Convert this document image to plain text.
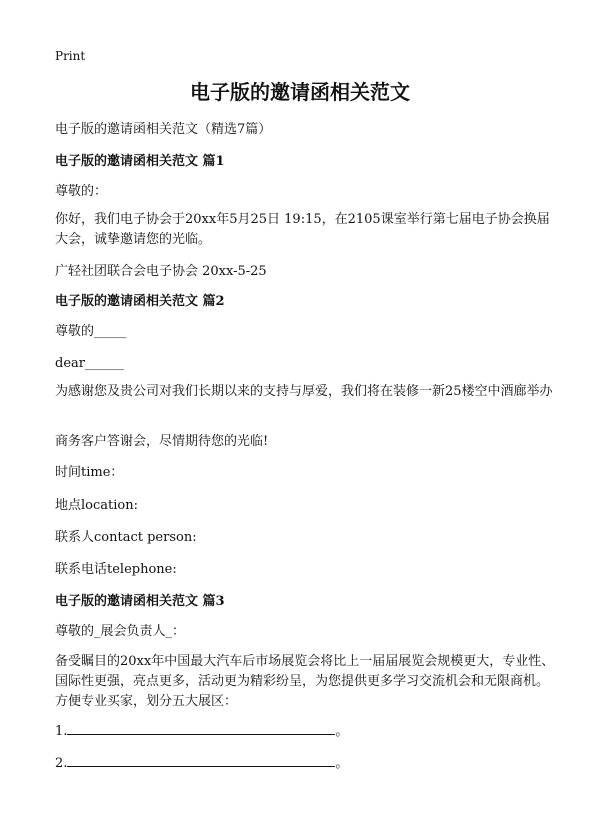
Print
电子版的邀请函相关范文
电子版的邀请函相关范文（精选7篇）
电子版的邀请函相关范文 篇1
尊敬的：
你好，我们电子协会于20xx年5月25日 19:15，在2105课室举行第七届电子协会换届大会，诚挚邀请您的光临。
广轻社团联合会电子协会 20xx-5-25
电子版的邀请函相关范文 篇2
尊敬的_____
dear______
为感谢您及贵公司对我们长期以来的支持与厚爱，我们将在装修一新25楼空中酒廊举办
商务客户答谢会，尽情期待您的光临!
时间time：
地点location:
联系人contact person:
联系电话telephone:
电子版的邀请函相关范文 篇3
尊敬的_展会负责人_：
备受瞩目的20xx年中国最大汽车后市场展览会将比上一届届展览会规模更大，专业性、国际性更强，亮点更多，活动更为精彩纷呈，为您提供更多学习交流机会和无限商机。 方便专业买家，划分五大展区：
1.	。
2.	。
